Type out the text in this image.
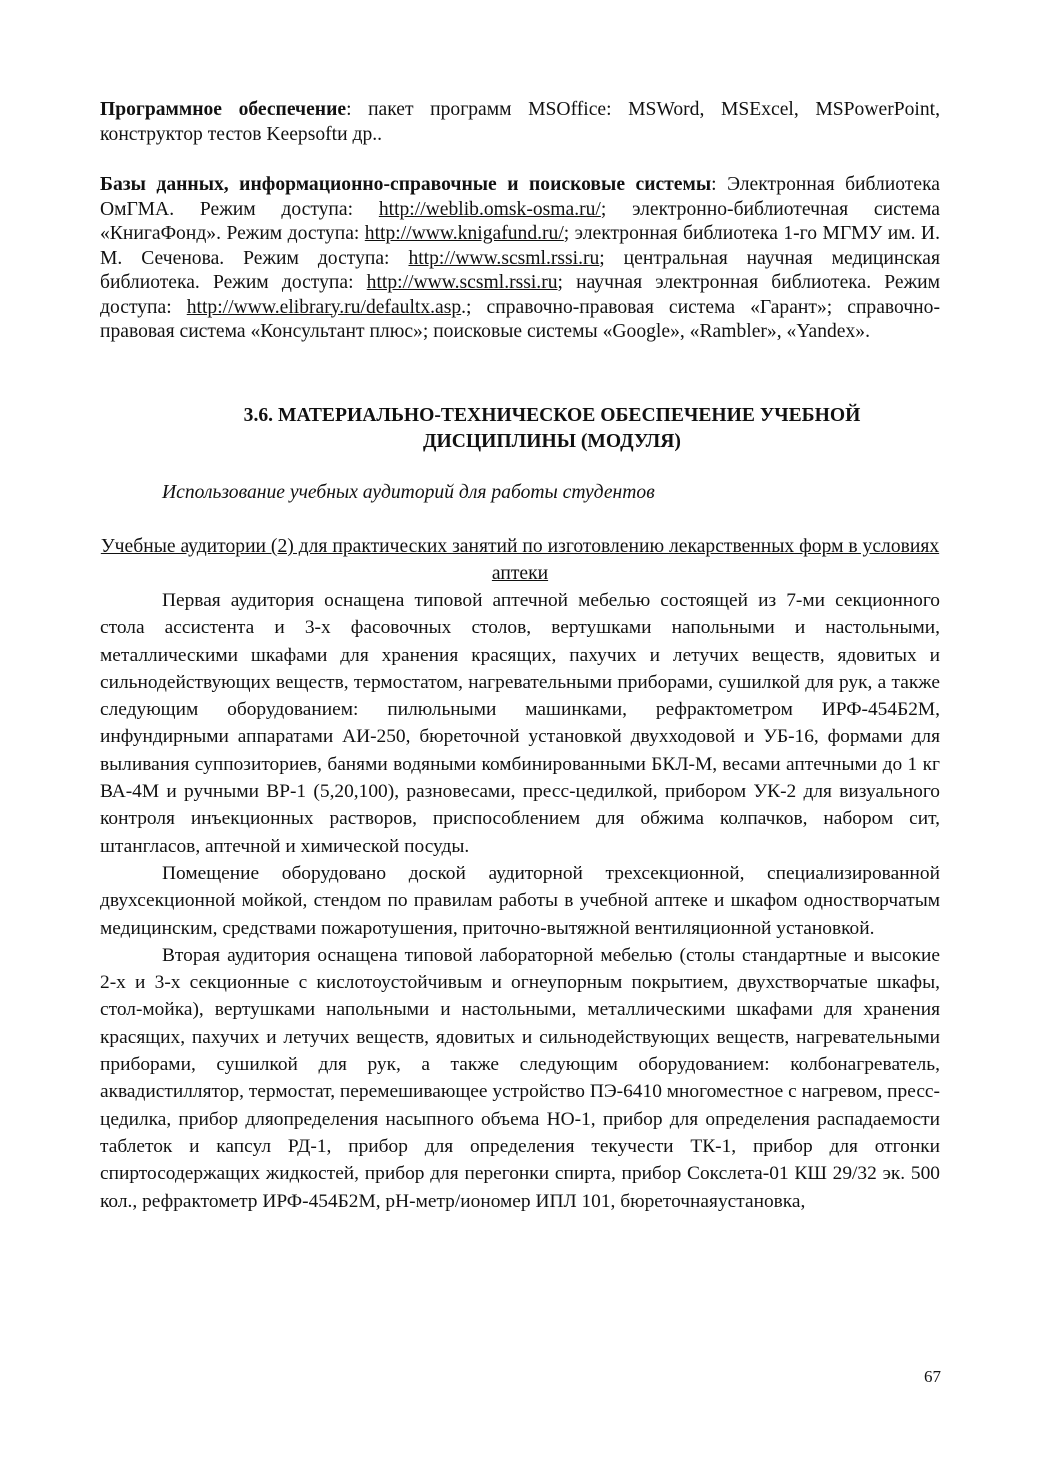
Программное обеспечение: пакет программ MSOffice: MSWord, MSExcel, MSPowerPoint, конструктор тестов Keepsoftи др..

Базы данных, информационно-справочные и поисковые системы: Электронная библиотека ОмГМА. Режим доступа: http://weblib.omsk-osma.ru/; электронно-библиотечная система «КнигаФонд». Режим доступа: http://www.knigafund.ru/; электронная библиотека 1-го МГМУ им. И. М. Сеченова. Режим доступа: http://www.scsml.rssi.ru; центральная научная медицинская библиотека. Режим доступа: http://www.scsml.rssi.ru; научная электронная библиотека. Режим доступа: http://www.elibrary.ru/defaultx.asp.; справочно-правовая система «Гарант»; справочно-правовая система «Консультант плюс»; поисковые системы «Google», «Rambler», «Yandex».

3.6. МАТЕРИАЛЬНО-ТЕХНИЧЕСКОЕ ОБЕСПЕЧЕНИЕ УЧЕБНОЙ
ДИСЦИПЛИНЫ (МОДУЛЯ)

Использование учебных аудиторий для работы студентов

Учебные аудитории (2) для практических занятий по изготовлению лекарственных форм в условиях аптеки

Первая аудитория оснащена типовой аптечной мебелью состоящей из 7-ми секционного стола ассистента и 3-х фасовочных столов, вертушками напольными и настольными, металлическими шкафами для хранения красящих, пахучих и летучих веществ, ядовитых и сильнодействующих веществ, термостатом, нагревательными приборами, сушилкой для рук, а также следующим оборудованием: пилюльными машинками, рефрактометром ИРФ-454Б2М, инфундирными аппаратами АИ-250, бюреточной установкой двухходовой и УБ-16, формами для выливания суппозиториев, банями водяными комбинированными БКЛ-М, весами аптечными до 1 кг ВА-4М и ручными ВР-1 (5,20,100), разновесами, пресс-цедилкой, прибором УК-2 для визуального контроля инъекционных растворов, приспособлением для обжима колпачков, набором сит, штангласов, аптечной и химической посуды.

Помещение оборудовано доской аудиторной трехсекционной, специализированной двухсекционной мойкой, стендом по правилам работы в учебной аптеке и шкафом одностворчатым медицинским, средствами пожаротушения, приточно-вытяжной вентиляционной установкой.

Вторая аудитория оснащена типовой лабораторной мебелью (столы стандартные и высокие 2-х и 3-х секционные с кислотоустойчивым и огнеупорным покрытием, двухстворчатые шкафы, стол-мойка), вертушками напольными и настольными, металлическими шкафами для хранения красящих, пахучих и летучих веществ, ядовитых и сильнодействующих веществ, нагревательными приборами, сушилкой для рук, а также следующим оборудованием: колбонагреватель, аквадистиллятор, термостат, перемешивающее устройство ПЭ-6410 многоместное с нагревом, пресс-цедилка, прибор дляопределения насыпного объема НО-1, прибор для определения распадаемости таблеток и капсул РД-1, прибор для определения текучести ТК-1, прибор для отгонки спиртосодержащих жидкостей, прибор для перегонки спирта, прибор Сокслета-01 КШ 29/32 эк. 500 кол., рефрактометр ИРФ-454Б2М, pH-метр/иономер ИПЛ 101, бюреточнаяустановка,

67
